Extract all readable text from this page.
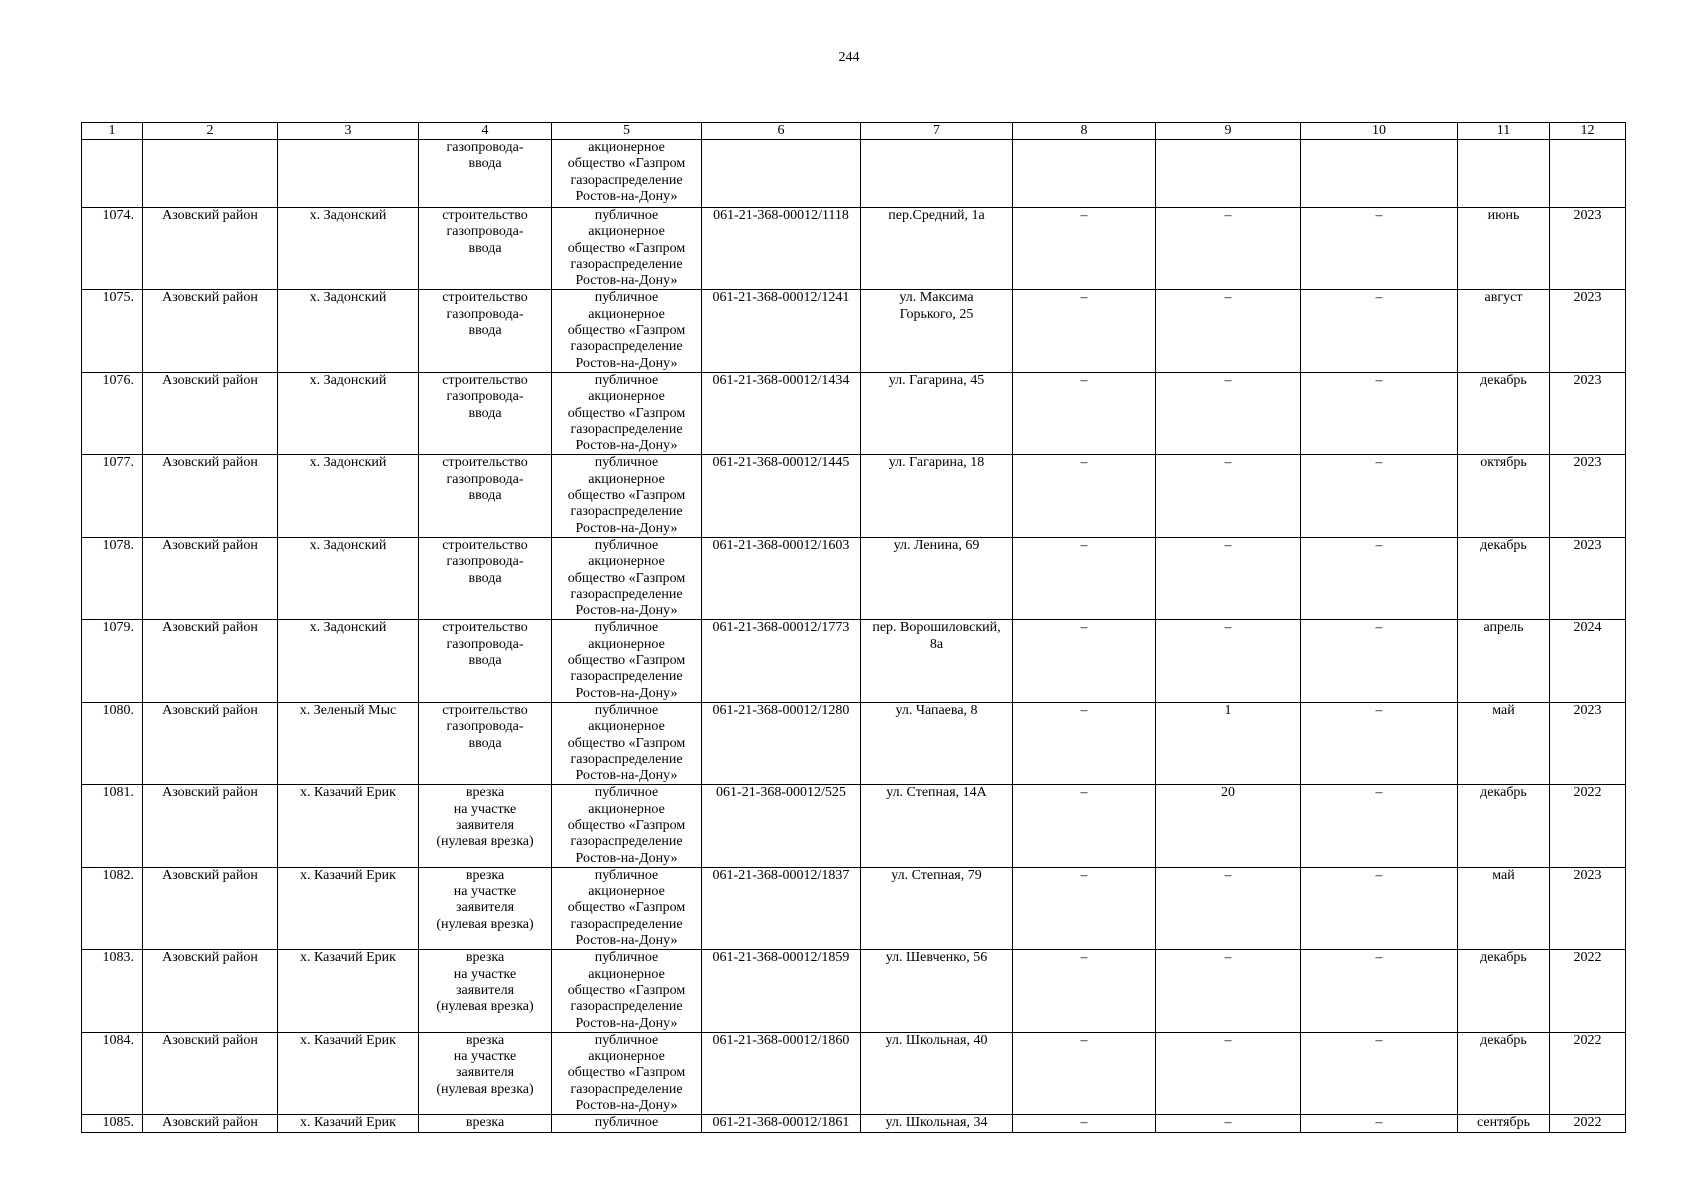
244
1	2	3	4	5	6	7	8	9	10	11	12
			газопровода-
ввода	акционерное
общество «Газпром
газораспределение
Ростов-на-Дону»							
1074.	Азовский район	х. Задонский	строительство
газопровода-
ввода	публичное
акционерное
общество «Газпром
газораспределение
Ростов-на-Дону»	061-21-368-00012/1118	пер.Средний, 1а	–	–	–	июнь	2023
1075.	Азовский район	х. Задонский	строительство
газопровода-
ввода	публичное
акционерное
общество «Газпром
газораспределение
Ростов-на-Дону»	061-21-368-00012/1241	ул. Максима
Горького, 25	–	–	–	август	2023
1076.	Азовский район	х. Задонский	строительство
газопровода-
ввода	публичное
акционерное
общество «Газпром
газораспределение
Ростов-на-Дону»	061-21-368-00012/1434	ул. Гагарина, 45	–	–	–	декабрь	2023
1077.	Азовский район	х. Задонский	строительство
газопровода-
ввода	публичное
акционерное
общество «Газпром
газораспределение
Ростов-на-Дону»	061-21-368-00012/1445	ул. Гагарина, 18	–	–	–	октябрь	2023
1078.	Азовский район	х. Задонский	строительство
газопровода-
ввода	публичное
акционерное
общество «Газпром
газораспределение
Ростов-на-Дону»	061-21-368-00012/1603	ул. Ленина, 69	–	–	–	декабрь	2023
1079.	Азовский район	х. Задонский	строительство
газопровода-
ввода	публичное
акционерное
общество «Газпром
газораспределение
Ростов-на-Дону»	061-21-368-00012/1773	пер. Ворошиловский,
8а	–	–	–	апрель	2024
1080.	Азовский район	х. Зеленый Мыс	строительство
газопровода-
ввода	публичное
акционерное
общество «Газпром
газораспределение
Ростов-на-Дону»	061-21-368-00012/1280	ул. Чапаева, 8	–	1	–	май	2023
1081.	Азовский район	х. Казачий Ерик	врезка
на участке
заявителя
(нулевая врезка)	публичное
акционерное
общество «Газпром
газораспределение
Ростов-на-Дону»	061-21-368-00012/525	ул. Степная, 14А	–	20	–	декабрь	2022
1082.	Азовский район	х. Казачий Ерик	врезка
на участке
заявителя
(нулевая врезка)	публичное
акционерное
общество «Газпром
газораспределение
Ростов-на-Дону»	061-21-368-00012/1837	ул. Степная, 79	–	–	–	май	2023
1083.	Азовский район	х. Казачий Ерик	врезка
на участке
заявителя
(нулевая врезка)	публичное
акционерное
общество «Газпром
газораспределение
Ростов-на-Дону»	061-21-368-00012/1859	ул. Шевченко, 56	–	–	–	декабрь	2022
1084.	Азовский район	х. Казачий Ерик	врезка
на участке
заявителя
(нулевая врезка)	публичное
акционерное
общество «Газпром
газораспределение
Ростов-на-Дону»	061-21-368-00012/1860	ул. Школьная, 40	–	–	–	декабрь	2022
1085.	Азовский район	х. Казачий Ерик	врезка	публичное	061-21-368-00012/1861	ул. Школьная, 34	–	–	–	сентябрь	2022
